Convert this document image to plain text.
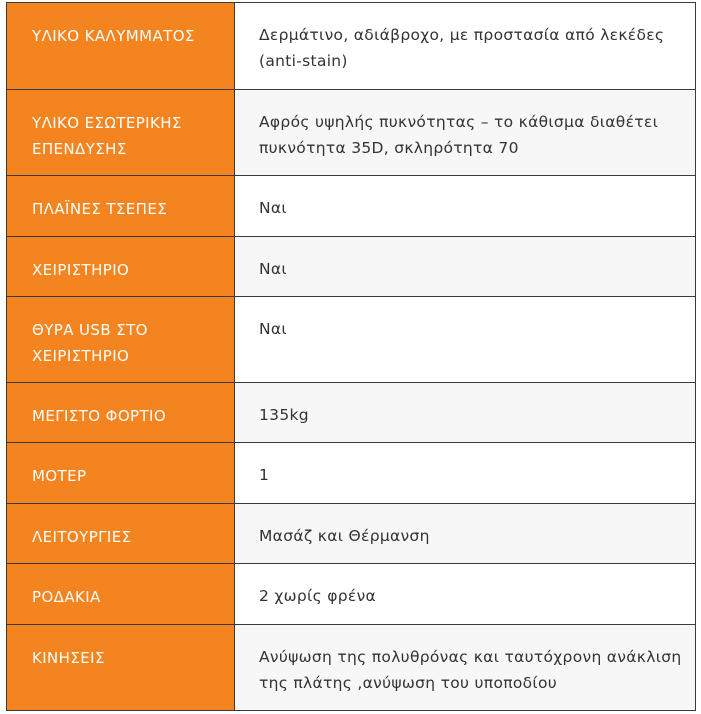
ΥΛΙΚΟ ΚΑΛΥΜΜΑΤΟΣ	Δερμάτινο, αδιάβροχο, με προστασία από λεκέδες (anti-stain)
ΥΛΙΚΟ ΕΣΩΤΕΡΙΚΗΣ ΕΠΕΝΔΥΣΗΣ	Αφρός υψηλής πυκνότητας – το κάθισμα διαθέτει πυκνότητα 35D, σκληρότητα 70
ΠΛΑΪΝΕΣ ΤΣΕΠΕΣ	Ναι
ΧΕΙΡΙΣΤΗΡΙΟ	Ναι
ΘΥΡΑ USB ΣΤΟ ΧΕΙΡΙΣΤΗΡΙΟ	Ναι
ΜΕΓΙΣΤΟ ΦΟΡΤΙΟ	135kg
ΜΟΤΕΡ	1
ΛΕΙΤΟΥΡΓΙΕΣ	Μασάζ και Θέρμανση
ΡΟΔΑΚΙΑ	2 χωρίς φρένα
ΚΙΝΗΣΕΙΣ	Ανύψωση της πολυθρόνας και ταυτόχρονη ανάκλιση της πλάτης ,ανύψωση του υποποδίου
